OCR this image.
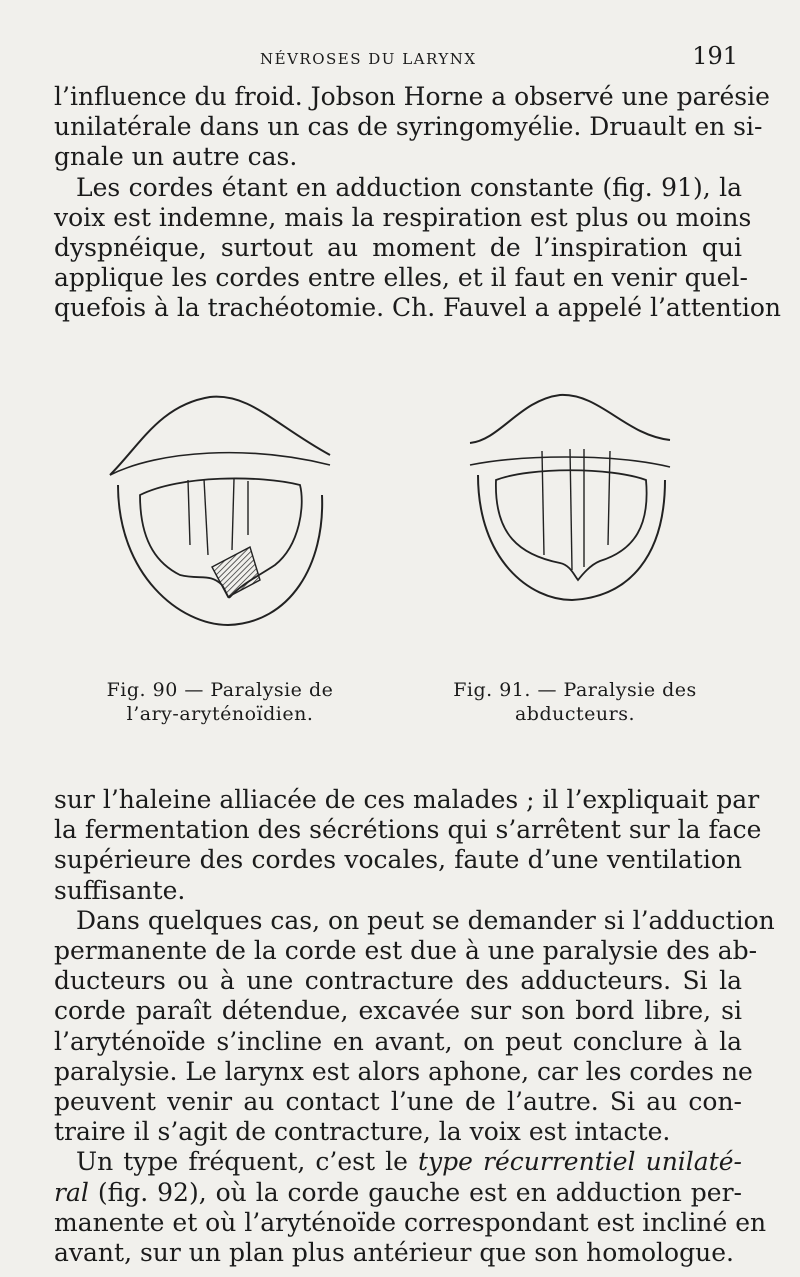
NÉVROSES DU LARYNX	191
l’influence du froid. Jobson Horne a observé une parésie
unilatérale dans un cas de syringomyélie. Druault en si-
gnale un autre cas.
Les cordes étant en adduction constante (fig. 91), la
voix est indemne, mais la respiration est plus ou moins
dyspnéique, surtout au moment de l’inspiration qui
applique les cordes entre elles, et il faut en venir quel-
quefois à la trachéotomie. Ch. Fauvel a appelé l’attention
Fig. 90 — Paralysie de
l’ary-aryténoïdien.
Fig. 91. — Paralysie des
abducteurs.
sur l’haleine alliacée de ces malades ; il l’expliquait par
la fermentation des sécrétions qui s’arrêtent sur la face
supérieure des cordes vocales, faute d’une ventilation
suffisante.
Dans quelques cas, on peut se demander si l’adduction
permanente de la corde est due à une paralysie des ab-
ducteurs ou à une contracture des adducteurs. Si la
corde paraît détendue, excavée sur son bord libre, si
l’aryténoïde s’incline en avant, on peut conclure à la
paralysie. Le larynx est alors aphone, car les cordes ne
peuvent venir au contact l’une de l’autre. Si au con-
traire il s’agit de contracture, la voix est intacte.
Un type fréquent, c’est le type récurrentiel unilaté-
ral (fig. 92), où la corde gauche est en adduction per-
manente et où l’aryténoïde correspondant est incliné en
avant, sur un plan plus antérieur que son homologue.
